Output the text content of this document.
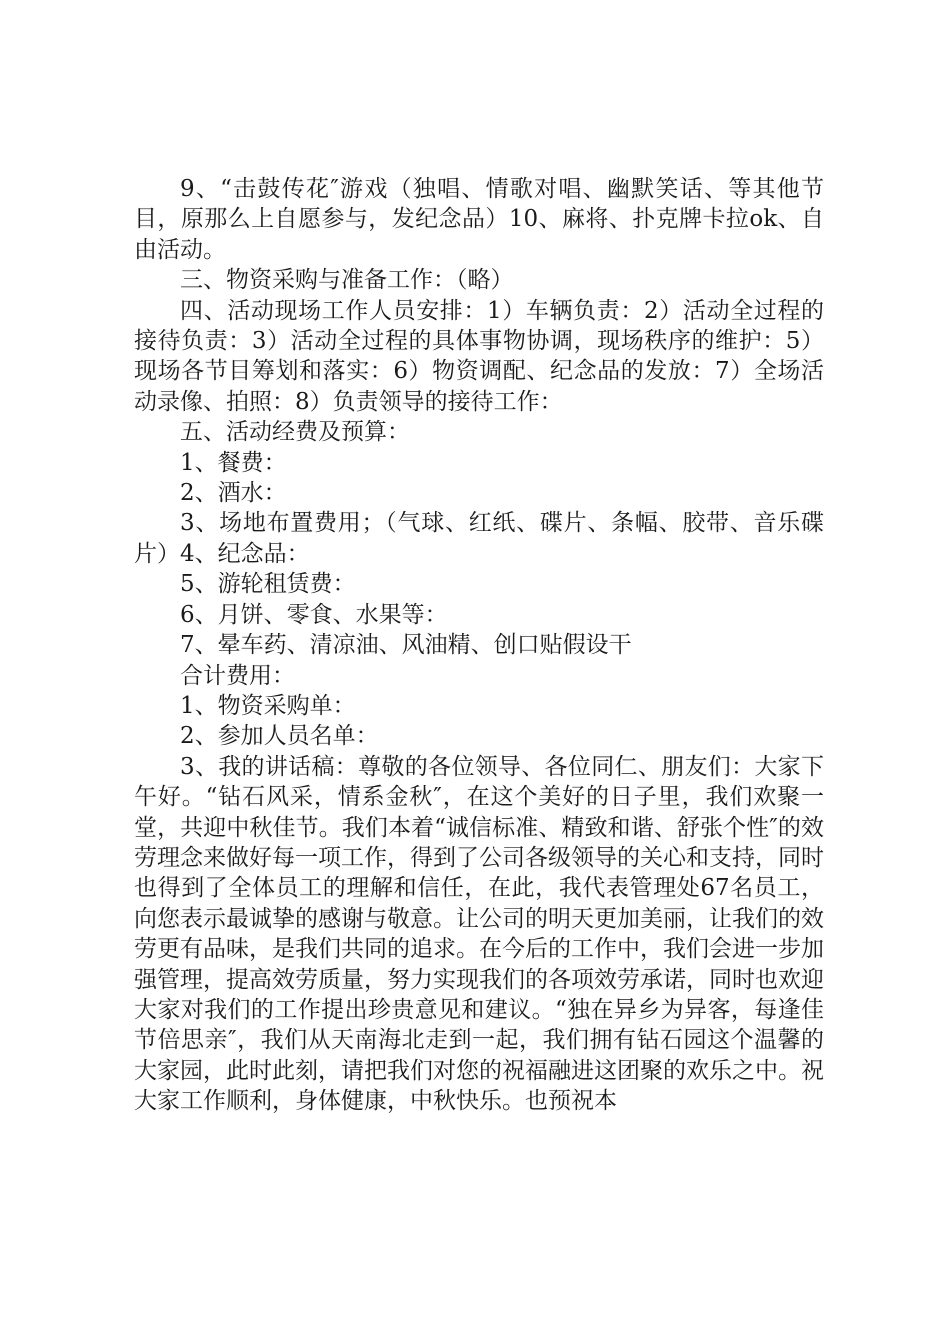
9、“击鼓传花″游戏（独唱、情歌对唱、幽默笑话、等其他节目，原那么上自愿参与，发纪念品）10、麻将、扑克牌卡拉ok、自由活动。

三、物资采购与准备工作：（略）

四、活动现场工作人员安排：1）车辆负责：2）活动全过程的接待负责：3）活动全过程的具体事物协调，现场秩序的维护：5）现场各节目筹划和落实：6）物资调配、纪念品的发放：7）全场活动录像、拍照：8）负责领导的接待工作：

五、活动经费及预算：

1、餐费：

2、酒水：

3、场地布置费用；（气球、红纸、碟片、条幅、胶带、音乐碟片）4、纪念品：

5、游轮租赁费：

6、月饼、零食、水果等：

7、晕车药、清凉油、风油精、创口贴假设干

合计费用：

1、物资采购单：

2、参加人员名单：

3、我的讲话稿：尊敬的各位领导、各位同仁、朋友们：大家下午好。“钻石风采，情系金秋″，在这个美好的日子里，我们欢聚一堂，共迎中秋佳节。我们本着“诚信标准、精致和谐、舒张个性″的效劳理念来做好每一项工作，得到了公司各级领导的关心和支持，同时也得到了全体员工的理解和信任，在此，我代表管理处67名员工，向您表示最诚挚的感谢与敬意。让公司的明天更加美丽，让我们的效劳更有品味，是我们共同的追求。在今后的工作中，我们会进一步加强管理，提高效劳质量，努力实现我们的各项效劳承诺，同时也欢迎大家对我们的工作提出珍贵意见和建议。“独在异乡为异客，每逢佳节倍思亲″，我们从天南海北走到一起，我们拥有钻石园这个温馨的大家园，此时此刻，请把我们对您的祝福融进这团聚的欢乐之中。祝大家工作顺利，身体健康，中秋快乐。也预祝本
